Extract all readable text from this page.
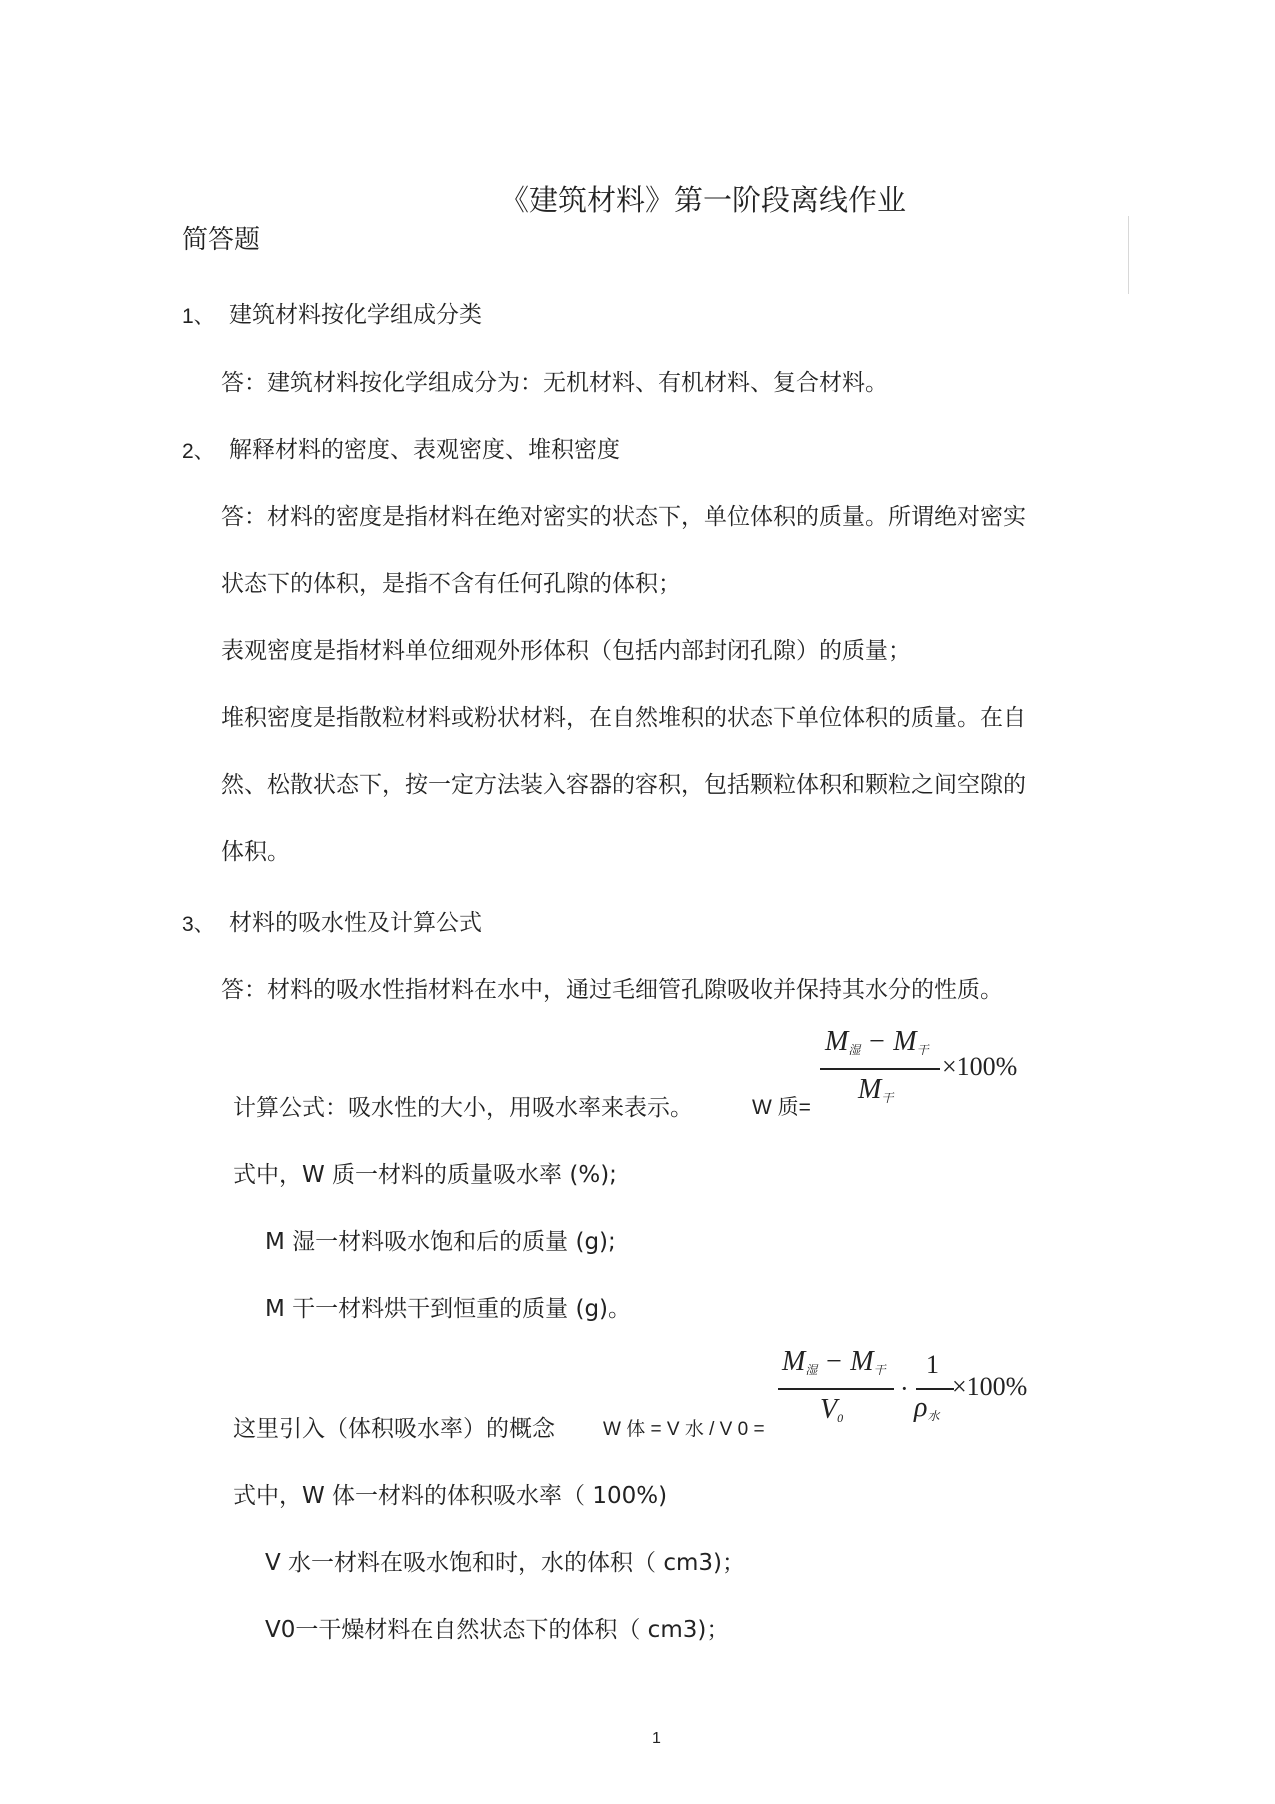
《建筑材料》第一阶段离线作业
简答题
1、 建筑材料按化学组成分类
答：建筑材料按化学组成分为：无机材料、有机材料、复合材料。
2、 解释材料的密度、表观密度、堆积密度
答：材料的密度是指材料在绝对密实的状态下，单位体积的质量。所谓绝对密实
状态下的体积，是指不含有任何孔隙的体积；
表观密度是指材料单位细观外形体积（包括内部封闭孔隙）的质量；
堆积密度是指散粒材料或粉状材料，在自然堆积的状态下单位体积的质量。在自
然、松散状态下，按一定方法装入容器的容积，包括颗粒体积和颗粒之间空隙的
体积。
3、 材料的吸水性及计算公式
答：材料的吸水性指材料在水中，通过毛细管孔隙吸收并保持其水分的性质。
计算公式：吸水性的大小，用吸水率来表示。	W 质=
$M_湿 - M_干$
$M_干$
×100%
式中，W 质一材料的质量吸水率 (%);
M 湿一材料吸水饱和后的质量 (g);
M 干一材料烘干到恒重的质量 (g)。
这里引入（体积吸水率）的概念	W 体 = V 水 / V 0 =
$M_湿 - M_干$
$V_0$
·
1
$\rho_水$
×100%
式中，W 体一材料的体积吸水率（ 100%)
V 水一材料在吸水饱和时，水的体积（ cm3)；
V0一干燥材料在自然状态下的体积（ cm3)；
1
